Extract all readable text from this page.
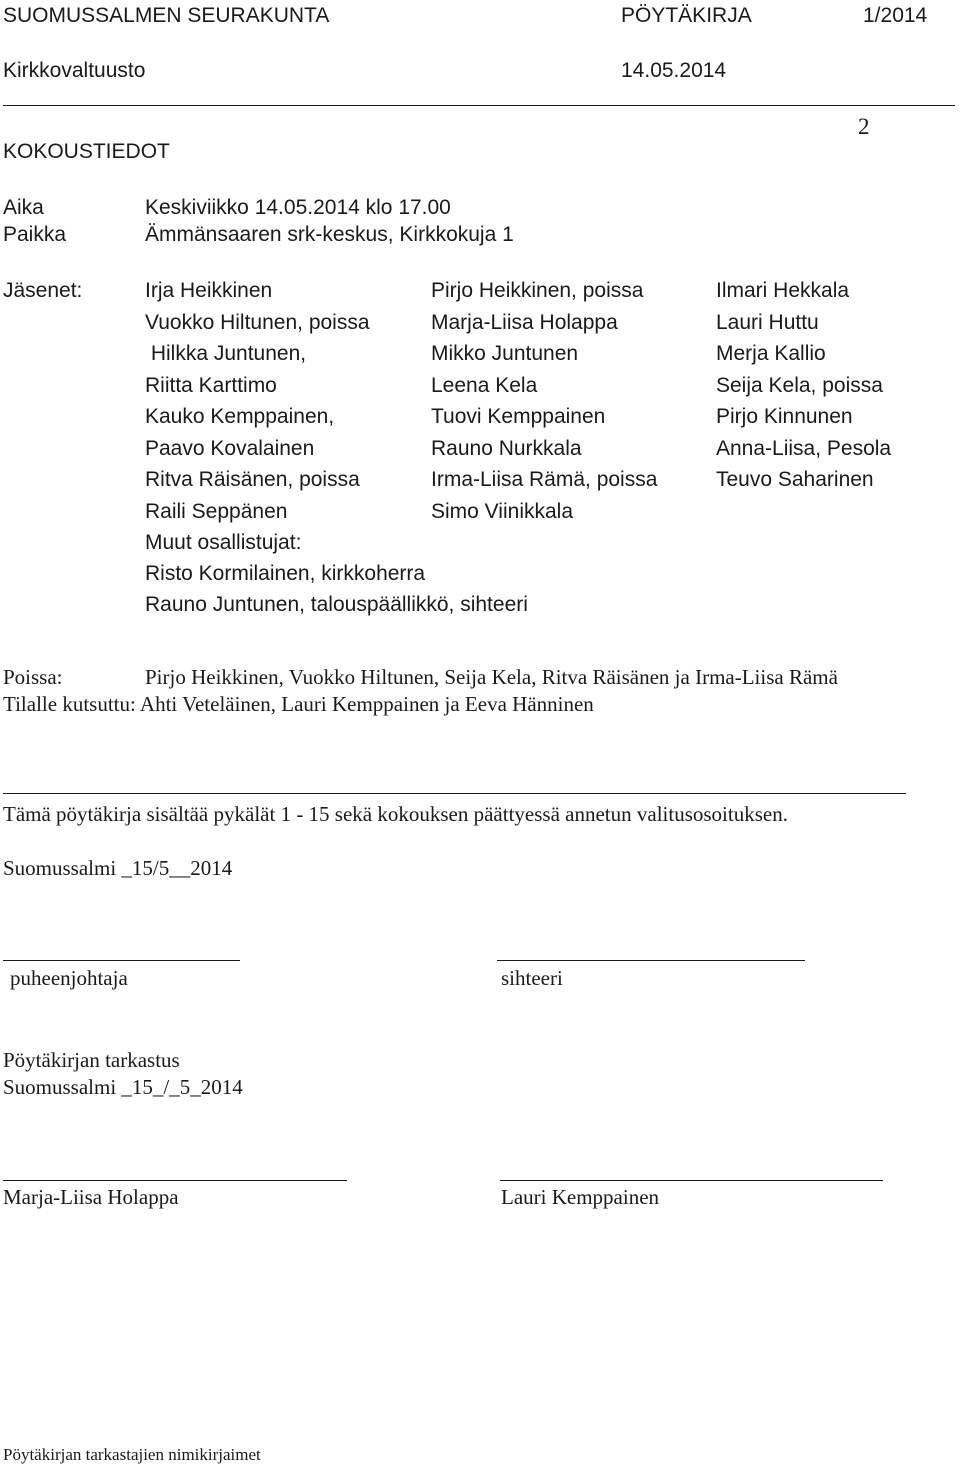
SUOMUSSALMEN SEURAKUNTA	PÖYTÄKIRJA	1/2014
Kirkkovaltuusto	14.05.2014
2
KOKOUSTIEDOT
Aika	Keskiviikko 14.05.2014 klo 17.00
Paikka	Ämmänsaaren srk-keskus, Kirkkokuja 1
Jäsenet:	Irja Heikkinen	Pirjo Heikkinen, poissa	Ilmari Hekkala
Vuokko Hiltunen, poissa	Marja-Liisa Holappa	Lauri Huttu
Hilkka Juntunen,	Mikko Juntunen	Merja Kallio
Riitta Karttimo	Leena Kela	Seija Kela, poissa
Kauko Kemppainen,	Tuovi Kemppainen	Pirjo Kinnunen
Paavo Kovalainen	Rauno Nurkkala	Anna-Liisa, Pesola
Ritva Räisänen, poissa	Irma-Liisa Rämä, poissa	Teuvo Saharinen
Raili Seppänen	Simo Viinikkala
Muut osallistujat:
Risto Kormilainen, kirkkoherra
Rauno Juntunen, talouspäällikkö, sihteeri
Poissa:	Pirjo Heikkinen, Vuokko Hiltunen, Seija Kela, Ritva Räisänen ja Irma-Liisa Rämä
Tilalle kutsuttu: Ahti Veteläinen, Lauri Kemppainen ja Eeva Hänninen
Tämä pöytäkirja sisältää pykälät 1 - 15 sekä kokouksen päättyessä annetun valitusosoituksen.
Suomussalmi _15/5__2014
puheenjohtaja	sihteeri
Pöytäkirjan tarkastus
Suomussalmi _15_/_5_2014
Marja-Liisa Holappa	Lauri Kemppainen
Pöytäkirjan tarkastajien nimikirjaimet
